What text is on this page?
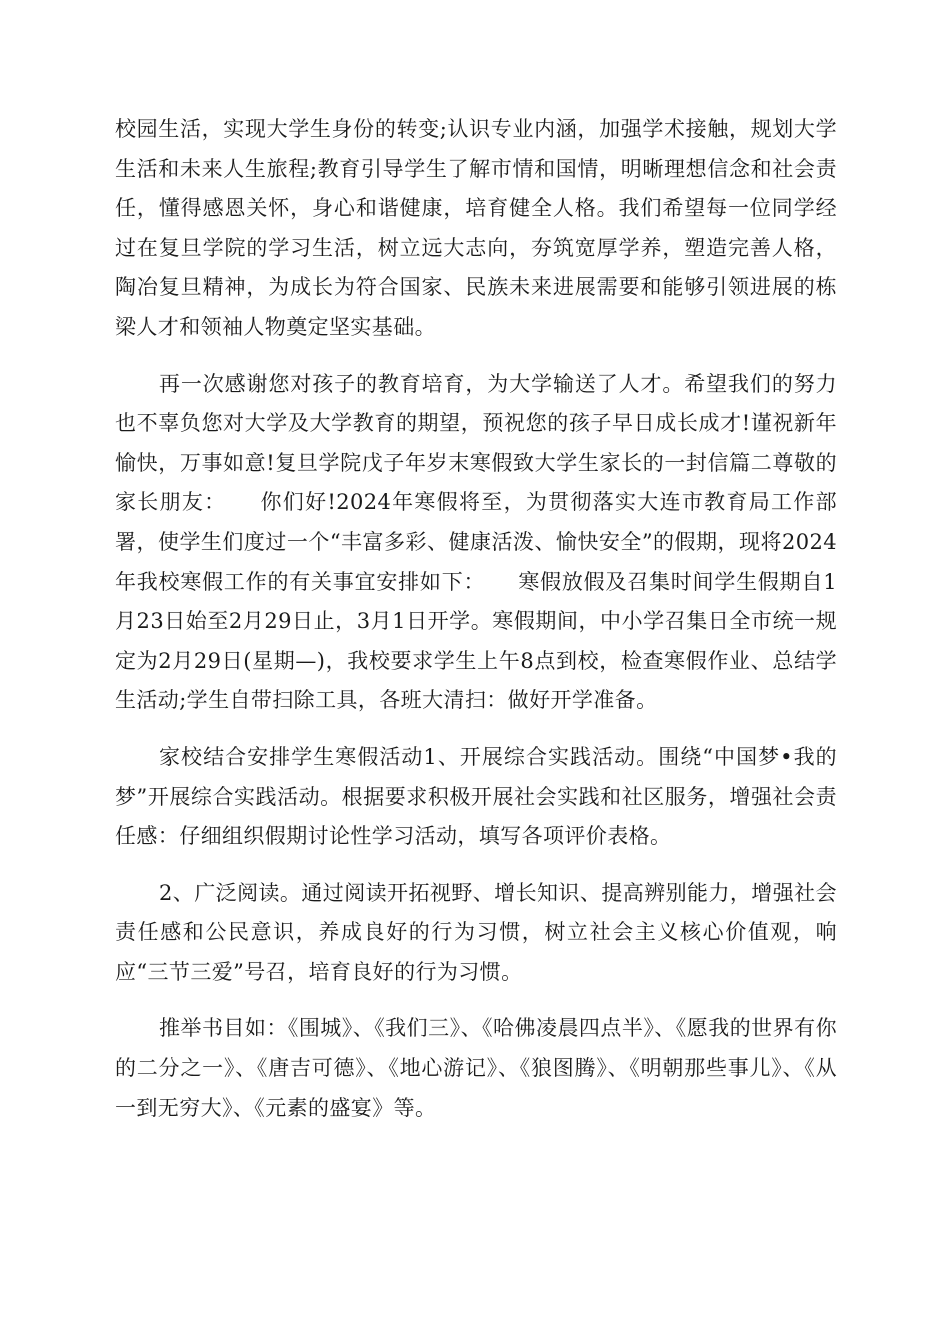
校园生活，实现大学生身份的转变;认识专业内涵，加强学术接触，规划大学生活和未来人生旅程;教育引导学生了解市情和国情，明晰理想信念和社会责任，懂得感恩关怀，身心和谐健康，培育健全人格。我们希望每一位同学经过在复旦学院的学习生活，树立远大志向，夯筑宽厚学养，塑造完善人格，陶冶复旦精神，为成长为符合国家、民族未来进展需要和能够引领进展的栋梁人才和领袖人物奠定坚实基础。

再一次感谢您对孩子的教育培育，为大学输送了人才。希望我们的努力也不辜负您对大学及大学教育的期望，预祝您的孩子早日成长成才!谨祝新年愉快，万事如意!复旦学院戊子年岁末寒假致大学生家长的一封信篇二尊敬的家长朋友：　　你们好!2024年寒假将至，为贯彻落实大连市教育局工作部署，使学生们度过一个“丰富多彩、健康活泼、愉快安全”的假期，现将2024年我校寒假工作的有关事宜安排如下：　　寒假放假及召集时间学生假期自1月23日始至2月29日止，3月1日开学。寒假期间，中小学召集日全市统一规定为2月29日(星期—)，我校要求学生上午8点到校，检查寒假作业、总结学生活动;学生自带扫除工具，各班大清扫：做好开学准备。

家校结合安排学生寒假活动1、开展综合实践活动。围绕“中国梦•我的梦”开展综合实践活动。根据要求积极开展社会实践和社区服务，增强社会责任感：仔细组织假期讨论性学习活动，填写各项评价表格。

2、广泛阅读。通过阅读开拓视野、增长知识、提高辨别能力，增强社会责任感和公民意识，养成良好的行为习惯，树立社会主义核心价值观，响应“三节三爱”号召，培育良好的行为习惯。

推举书目如：《围城》、《我们三》、《哈佛凌晨四点半》、《愿我的世界有你的二分之一》、《唐吉可德》、《地心游记》、《狼图腾》、《明朝那些事儿》、《从一到无穷大》、《元素的盛宴》等。
